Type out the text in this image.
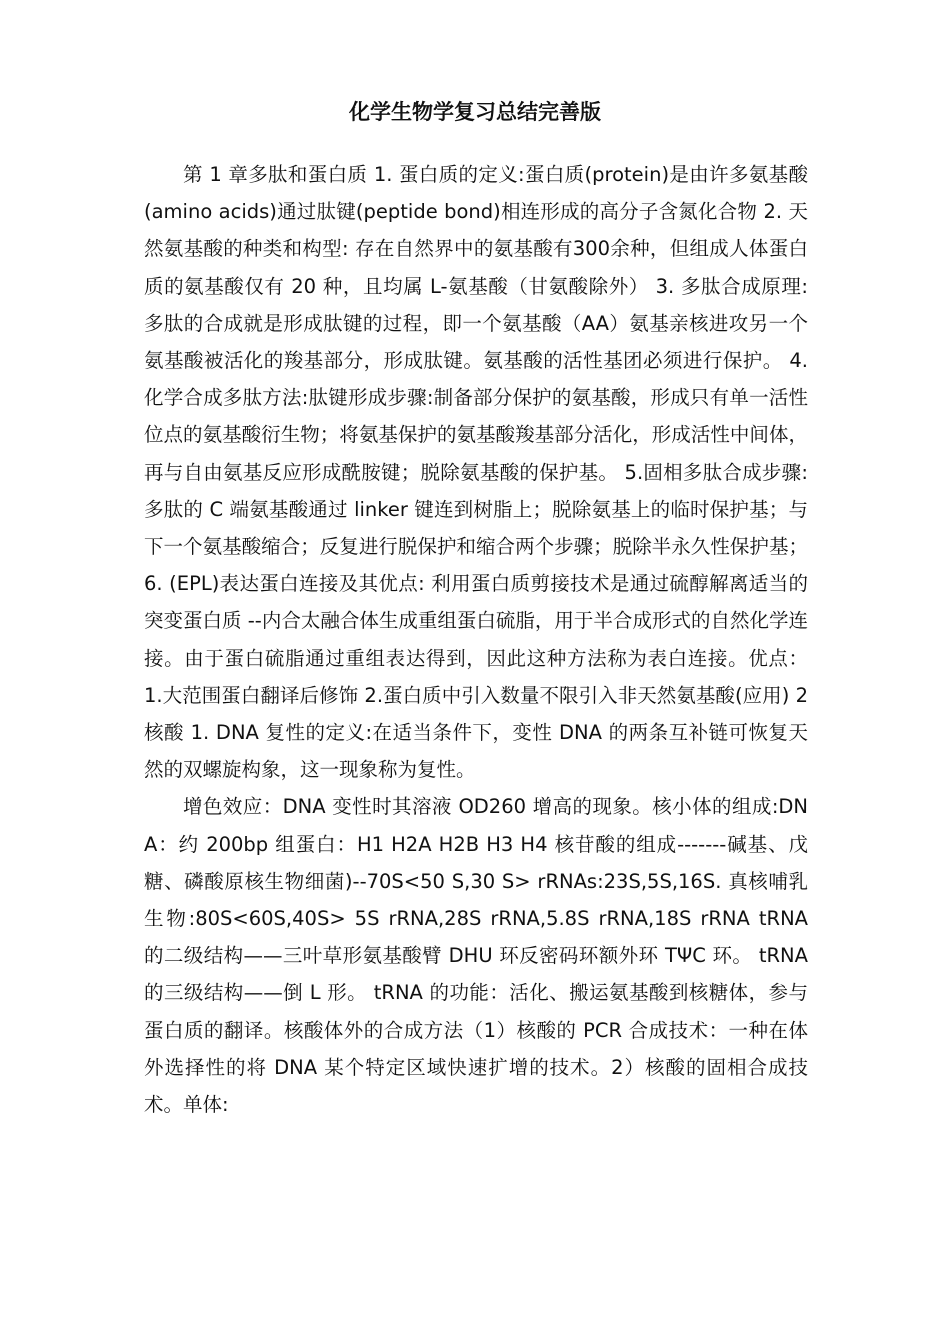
化学生物学复习总结完善版

第 1 章多肽和蛋白质 1. 蛋白质的定义:蛋白质(protein)是由许多氨基酸(amino acids)通过肽键(peptide bond)相连形成的高分子含氮化合物 2. 天然氨基酸的种类和构型: 存在自然界中的氨基酸有300余种，但组成人体蛋白质的氨基酸仅有 20 种，且均属 L-氨基酸（甘氨酸除外） 3. 多肽合成原理: 多肽的合成就是形成肽键的过程，即一个氨基酸（AA）氨基亲核进攻另一个氨基酸被活化的羧基部分，形成肽键。氨基酸的活性基团必须进行保护。 4. 化学合成多肽方法:肽键形成步骤:制备部分保护的氨基酸，形成只有单一活性位点的氨基酸衍生物；将氨基保护的氨基酸羧基部分活化，形成活性中间体，再与自由氨基反应形成酰胺键；脱除氨基酸的保护基。 5.固相多肽合成步骤: 多肽的 C 端氨基酸通过 linker 键连到树脂上；脱除氨基上的临时保护基；与下一个氨基酸缩合；反复进行脱保护和缩合两个步骤；脱除半永久性保护基； 6. (EPL)表达蛋白连接及其优点: 利用蛋白质剪接技术是通过硫醇解离适当的突变蛋白质 --内合太融合体生成重组蛋白硫脂，用于半合成形式的自然化学连接。由于蛋白硫脂通过重组表达得到，因此这种方法称为表白连接。优点： 1.大范围蛋白翻译后修饰 2.蛋白质中引入数量不限引入非天然氨基酸(应用) 2 核酸 1. DNA 复性的定义:在适当条件下，变性 DNA 的两条互补链可恢复天然的双螺旋构象，这一现象称为复性。

增色效应：DNA 变性时其溶液 OD260 增高的现象。核小体的组成:DNA：约 200bp 组蛋白：H1 H2A H2B H3 H4 核苷酸的组成-------碱基、戊糖、磷酸原核生物细菌)--70S<50 S,30 S> rRNAs:23S,5S,16S. 真核哺乳生物:80S<60S,40S> 5S rRNA,28S rRNA,5.8S rRNA,18S rRNA tRNA 的二级结构——三叶草形氨基酸臂 DHU 环反密码环额外环 TΨC 环。 tRNA 的三级结构——倒 L 形。 tRNA 的功能：活化、搬运氨基酸到核糖体，参与蛋白质的翻译。核酸体外的合成方法（1）核酸的 PCR 合成技术：一种在体外选择性的将 DNA 某个特定区域快速扩增的技术。2）核酸的固相合成技术。单体:
